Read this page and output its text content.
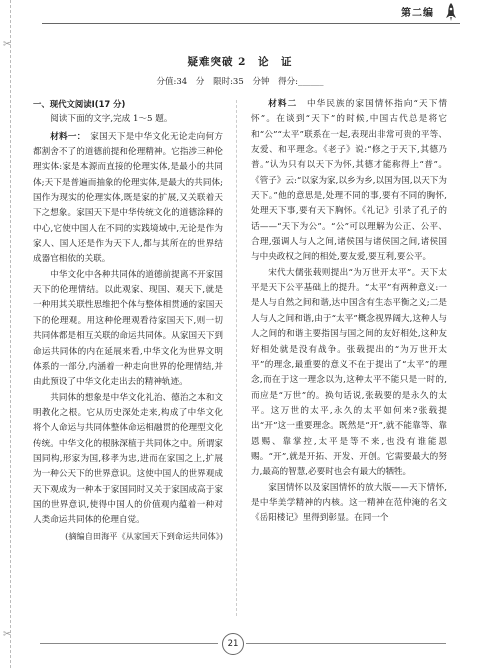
✂
✂
第二编
疑难突破 2　论　证
分值:34 分 限时:35 分钟 得分:______

一、现代文阅读Ⅰ(17 分)

阅读下面的文字,完成 1～5 题。

材料一：　 家国天下是中华文化无论走向何方都割舍不了的道德前提和伦理精神。它指涉三种伦理实体:家是本源而直接的伦理实体,是最小的共同体;天下是普遍而抽象的伦理实体,是最大的共同体;国作为现实的伦理实体,既是家的扩展,又关联着天下之想象。家国天下是中华传统文化的道德涂释的中心,它使中国人在不同的实践境域中,无论是作为家人、国人还是作为天下人,都与其所在的世界结成器官相依的关联。

中华文化中各种共同体的道德前提离不开家国天下的伦理情结。以此观家、现国、观天下,就是一种用其关联性思维把个体与整体相贯通的家国天下的伦理观。用这种伦理观看待家国天下,则一切共同体都是相互关联的命运共同体。从家国天下到命运共同体的内在延展来看,中华文化为世界文明体系的一部分,内涵着一种走向世界的伦理情结,并由此预设了中华文化走出去的精神轨迹。

共同体的想象是中华文化礼治、德治之本和文明教化之根。它从历史深处走来,构成了中华文化将个人命运与共同体整体命运相融贯的伦理型文化传统。中华文化的根脉深植于共同体之中。所谓家国同构,形家为国,移孝为忠,进而在家国之上,扩展为一种公天下的世界意识。这使中国人的世界观成天下观成为一种本于家国同时又关于家国成高于家国的世界意识,使得中国人的价值观内蕴着一种对人类命运共同体的伦理自觉。

(摘编自田海平《从家国天下到命运共同体》)

材料二　 中华民族的家国情怀指向“天下情怀”。在谈到“天下”的时候,中国古代总是将它和“公”“太平”联系在一起,表现出非常可贵的平等、友爱、和平理念。《老子》说:“修之于天下,其德乃普。”认为只有以天下为怀,其德才能称得上“普”。《管子》云:“以家为家,以乡为乡,以国为国,以天下为天下。”他的意思是,处理不同的事,要有不同的胸怀,处理天下事,要有天下胸怀。《礼记》引录了孔子的话——“天下为公”。“公”可以理解为公正、公平、合理,强调人与人之间,诸侯国与诸侯国之间,诸侯国与中央政权之间的相处,要友爱,要互利,要公平。

宋代大儒张载则提出“为万世开太平”。天下太平是天下公平基础上的提升。“太平”有两种意义:一是人与自然之间和谐,达中国含有生态平衡之义;二是人与人之间和谐,由于“太平”概念视界阔大,这种人与人之间的和谐主要指国与国之间的友好相处,这种友好相处就是没有战争。张载提出的“为万世开太平”的理念,最重要的意义不在于提出了“太平”的理念,而在于这一理念以为,这种太平不能只是一时的,而应是“万世”的。换句话说,张载要的是永久的太平。这万世的太平,永久的太平如何来?张载提出“开”这一重要理念。既然是“开”,就不能靠等、靠恩赐、靠掌控,太平是等不来,也没有谁能恩赐。“开”,就是开拓、开发、开创。它需要最大的努力,最高的智慧,必要时也会有最大的牺牲。

家国情怀以及家国情怀的放大版——天下情怀,是中华美学精神的内核。这一精神在范仲淹的名文《岳阳楼记》里得到彰显。在同一个

21
